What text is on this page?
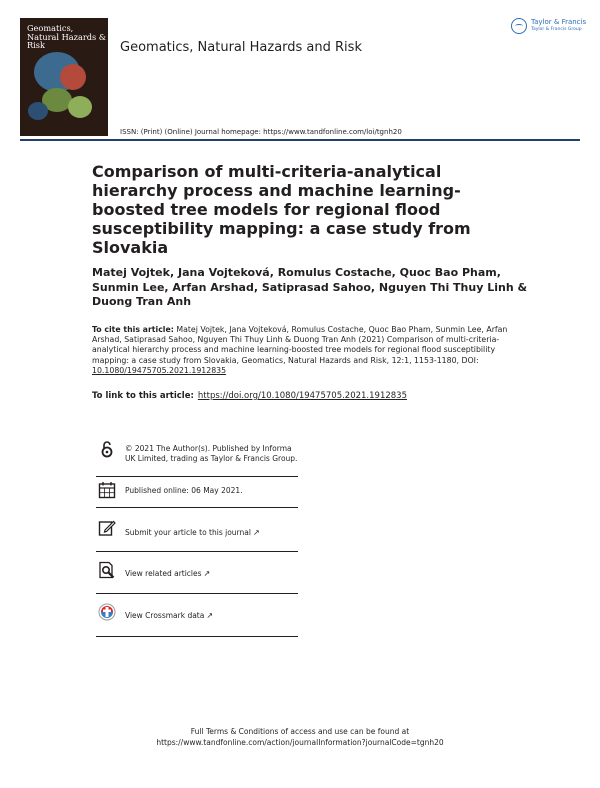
Geomatics, Natural Hazards & Risk
Taylor & Francis
Taylor & Francis Group
Geomatics, Natural Hazards and Risk
ISSN: (Print) (Online) Journal homepage: https://www.tandfonline.com/loi/tgnh20
Comparison of multi-criteria-analytical hierarchy process and machine learning-boosted tree models for regional flood susceptibility mapping: a case study from Slovakia
Matej Vojtek, Jana Vojteková, Romulus Costache, Quoc Bao Pham, Sunmin Lee, Arfan Arshad, Satiprasad Sahoo, Nguyen Thi Thuy Linh & Duong Tran Anh
To cite this article: Matej Vojtek, Jana Vojteková, Romulus Costache, Quoc Bao Pham, Sunmin Lee, Arfan Arshad, Satiprasad Sahoo, Nguyen Thi Thuy Linh & Duong Tran Anh (2021) Comparison of multi-criteria-analytical hierarchy process and machine learning-boosted tree models for regional flood susceptibility mapping: a case study from Slovakia, Geomatics, Natural Hazards and Risk, 12:1, 1153-1180, DOI: 10.1080/19475705.2021.1912835
To link to this article: https://doi.org/10.1080/19475705.2021.1912835
© 2021 The Author(s). Published by Informa UK Limited, trading as Taylor & Francis Group.
Published online: 06 May 2021.
Submit your article to this journal ↗
View related articles ↗
View Crossmark data ↗
Full Terms & Conditions of access and use can be found at
https://www.tandfonline.com/action/journalInformation?journalCode=tgnh20
